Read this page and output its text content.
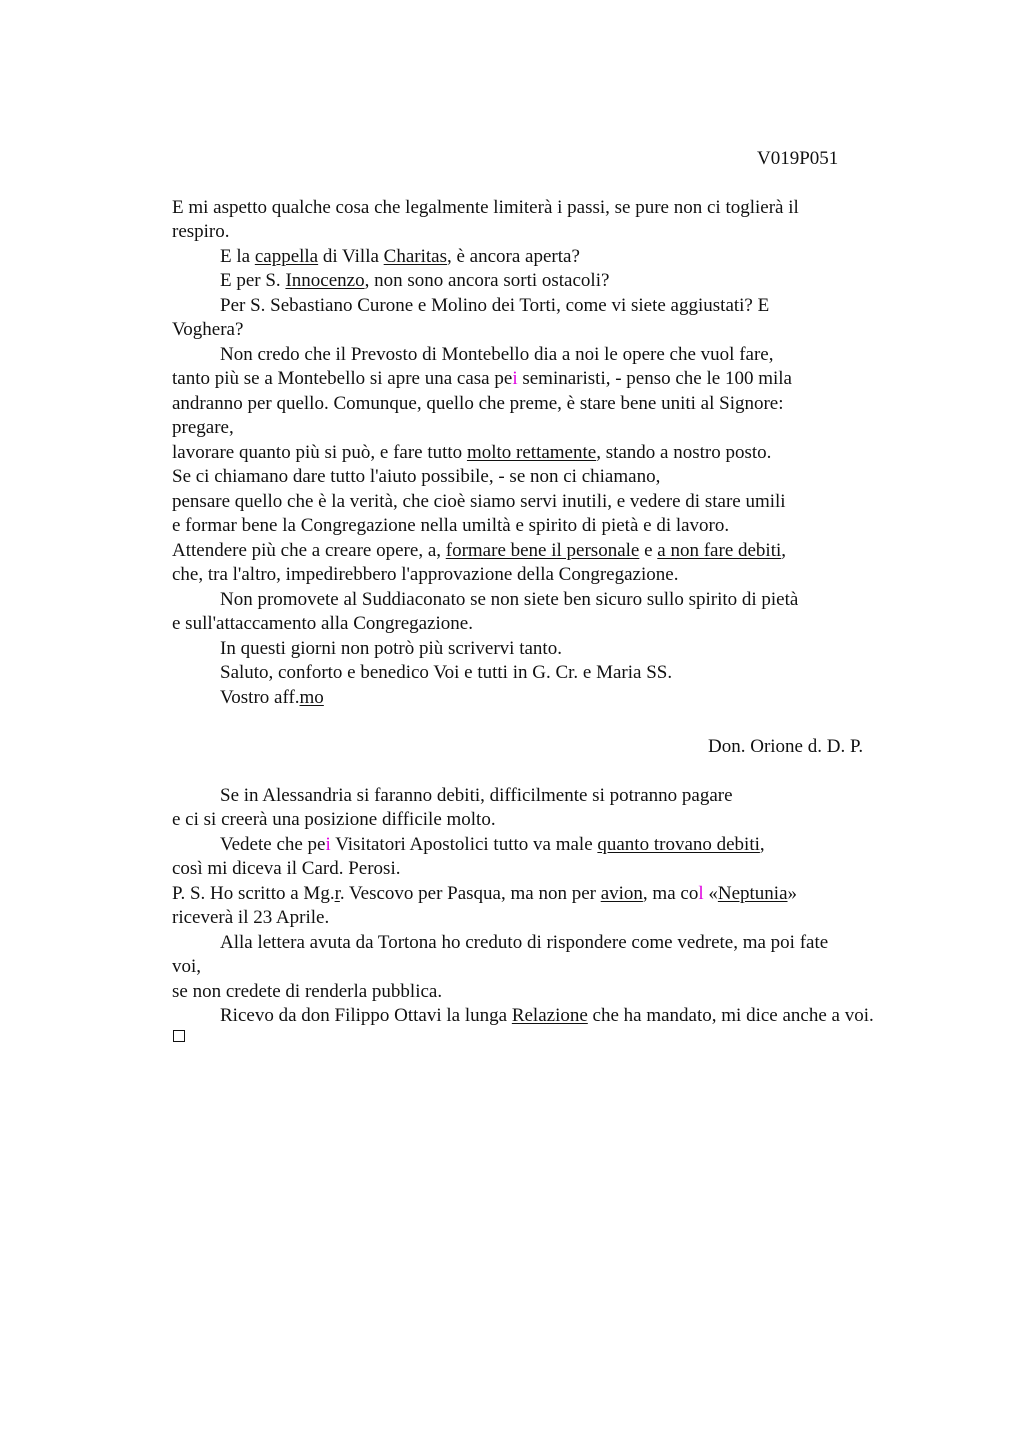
V019P051
E mi aspetto qualche cosa che legalmente limiterà i passi, se pure non ci toglierà il
respiro.
E la cappella di Villa Charitas, è ancora aperta?
E per S. Innocenzo, non sono ancora sorti ostacoli?
Per S. Sebastiano Curone e Molino dei Torti, come vi siete aggiustati? E
Voghera?
Non credo che il Prevosto di Montebello dia a noi le opere che vuol fare,
tanto più se a Montebello si apre una casa pei seminaristi, - penso che le 100 mila
andranno per quello. Comunque, quello che preme, è stare bene uniti al Signore:
pregare,
lavorare quanto più si può, e fare tutto molto rettamente, stando a nostro posto.
Se ci chiamano dare tutto l'aiuto possibile, - se non ci chiamano,
pensare quello che è la verità, che cioè siamo servi inutili, e vedere di stare umili
e formar bene la Congregazione nella umiltà e spirito di pietà e di lavoro.
Attendere più che a creare opere, a, formare bene il personale e a non fare debiti,
che, tra l'altro, impedirebbero l'approvazione della Congregazione.
Non promovete al Suddiaconato se non siete ben sicuro sullo spirito di pietà
e sull'attaccamento alla Congregazione.
In questi giorni non potrò più scrivervi tanto.
Saluto, conforto e benedico Voi e tutti in G. Cr. e Maria SS.
Vostro aff.mo
Don. Orione d. D. P.
Se in Alessandria si faranno debiti, difficilmente si potranno pagare
e ci si creerà una posizione difficile molto.
Vedete che pei Visitatori Apostolici tutto va male quanto trovano debiti,
così mi diceva il Card. Perosi.
P. S. Ho scritto a Mg.r. Vescovo per Pasqua, ma non per avion, ma col «Neptunia»
riceverà il 23 Aprile.
Alla lettera avuta da Tortona ho creduto di rispondere come vedrete, ma poi fate
voi,
se non credete di renderla pubblica.
Ricevo da don Filippo Ottavi la lunga Relazione che ha mandato, mi dice anche a voi.
